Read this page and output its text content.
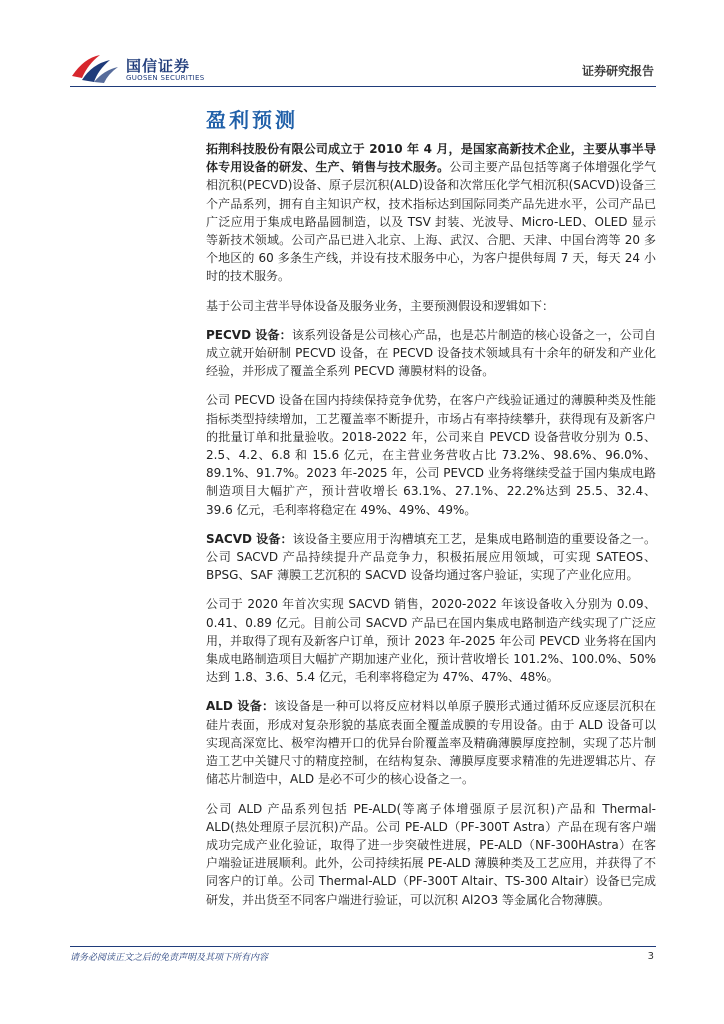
国信证券
GUOSEN SECURITIES	证券研究报告
盈利预测

拓荆科技股份有限公司成立于 2010 年 4 月，是国家高新技术企业，主要从事半导体专用设备的研发、生产、销售与技术服务。公司主要产品包括等离子体增强化学气相沉积(PECVD)设备、原子层沉积(ALD)设备和次常压化学气相沉积(SACVD)设备三个产品系列，拥有自主知识产权，技术指标达到国际同类产品先进水平，公司产品已广泛应用于集成电路晶圆制造，以及 TSV 封装、光波导、Micro-LED、OLED 显示等新技术领域。公司产品已进入北京、上海、武汉、合肥、天津、中国台湾等 20 多个地区的 60 多条生产线，并设有技术服务中心，为客户提供每周 7 天，每天 24 小时的技术服务。

基于公司主营半导体设备及服务业务，主要预测假设和逻辑如下：

PECVD 设备：该系列设备是公司核心产品，也是芯片制造的核心设备之一，公司自成立就开始研制 PECVD 设备，在 PECVD 设备技术领域具有十余年的研发和产业化经验，并形成了覆盖全系列 PECVD 薄膜材料的设备。

公司 PECVD 设备在国内持续保持竞争优势，在客户产线验证通过的薄膜种类及性能指标类型持续增加，工艺覆盖率不断提升，市场占有率持续攀升，获得现有及新客户的批量订单和批量验收。2018-2022 年，公司来自 PEVCD 设备营收分别为 0.5、2.5、4.2、6.8 和 15.6 亿元，在主营业务营收占比 73.2%、98.6%、96.0%、89.1%、91.7%。2023 年-2025 年，公司 PEVCD 业务将继续受益于国内集成电路制造项目大幅扩产，预计营收增长 63.1%、27.1%、22.2%达到 25.5、32.4、39.6 亿元，毛利率将稳定在 49%、49%、49%。

SACVD 设备：该设备主要应用于沟槽填充工艺，是集成电路制造的重要设备之一。公司 SACVD 产品持续提升产品竞争力，积极拓展应用领域，可实现 SATEOS、BPSG、SAF 薄膜工艺沉积的 SACVD 设备均通过客户验证，实现了产业化应用。

公司于 2020 年首次实现 SACVD 销售，2020-2022 年该设备收入分别为 0.09、0.41、0.89 亿元。目前公司 SACVD 产品已在国内集成电路制造产线实现了广泛应用，并取得了现有及新客户订单，预计 2023 年-2025 年公司 PEVCD 业务将在国内集成电路制造项目大幅扩产期加速产业化，预计营收增长 101.2%、100.0%、50%达到 1.8、3.6、5.4 亿元，毛利率将稳定为 47%、47%、48%。

ALD 设备：该设备是一种可以将反应材料以单原子膜形式通过循环反应逐层沉积在硅片表面，形成对复杂形貌的基底表面全覆盖成膜的专用设备。由于 ALD 设备可以实现高深宽比、极窄沟槽开口的优异台阶覆盖率及精确薄膜厚度控制，实现了芯片制造工艺中关键尺寸的精度控制，在结构复杂、薄膜厚度要求精准的先进逻辑芯片、存储芯片制造中，ALD 是必不可少的核心设备之一。

公司 ALD 产品系列包括 PE-ALD(等离子体增强原子层沉积)产品和 Thermal-ALD(热处理原子层沉积)产品。公司 PE-ALD（PF-300T Astra）产品在现有客户端成功完成产业化验证，取得了进一步突破性进展，PE-ALD（NF-300HAstra）在客户端验证进展顺利。此外，公司持续拓展 PE-ALD 薄膜种类及工艺应用，并获得了不同客户的订单。公司 Thermal-ALD（PF-300T Altair、TS-300 Altair）设备已完成研发，并出货至不同客户端进行验证，可以沉积 Al2O3 等金属化合物薄膜。

请务必阅读正文之后的免责声明及其项下所有内容	3
